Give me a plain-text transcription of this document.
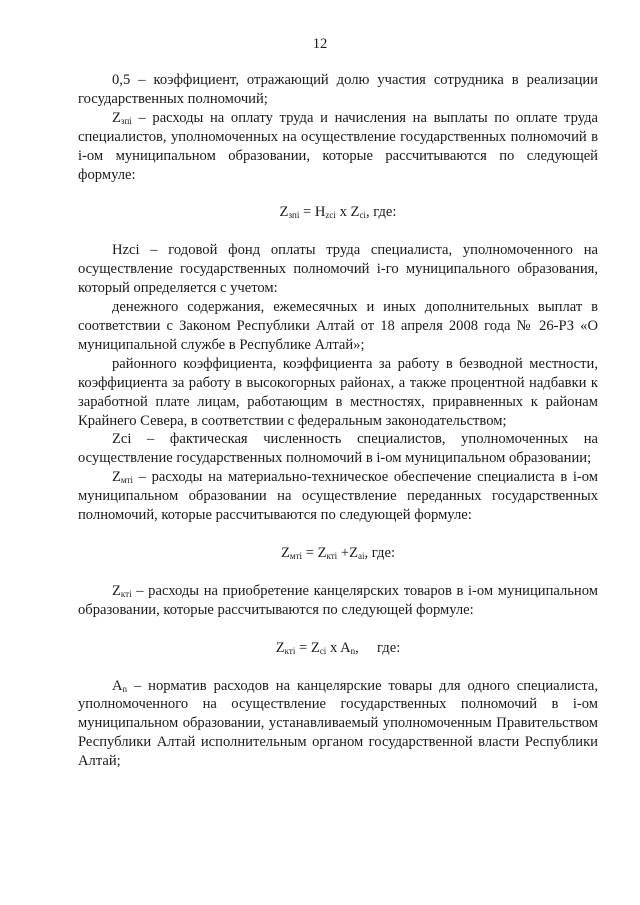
12

0,5 – коэффициент, отражающий долю участия сотрудника в реализации государственных полномочий;

$Z_{зпi}$ – расходы на оплату труда и начисления на выплаты по оплате труда специалистов, уполномоченных на осуществление государственных полномочий в i-ом муниципальном образовании, которые рассчитываются по следующей формуле:

$Z_{зпi} = H_{zci}$ x $Z_{ci}$, где:

Hzci – годовой фонд оплаты труда специалиста, уполномоченного на осуществление государственных полномочий i-го муниципального образования, который определяется с учетом:

денежного содержания, ежемесячных и иных дополнительных выплат в соответствии с Законом Республики Алтай от 18 апреля 2008 года № 26-РЗ «О муниципальной службе в Республике Алтай»;

районного коэффициента, коэффициента за работу в безводной местности, коэффициента за работу в высокогорных районах, а также процентной надбавки к заработной плате лицам, работающим в местностях, приравненных к районам Крайнего Севера, в соответствии с федеральным законодательством;

Zci – фактическая численность специалистов, уполномоченных на осуществление государственных полномочий в i-ом муниципальном образовании;

$Z_{мтi}$ – расходы на материально-техническое обеспечение специалиста в i-ом муниципальном образовании на осуществление переданных государственных полномочий, которые рассчитываются по следующей формуле:

$Z_{мтi} = Z_{ктi} +Z_{ai}$, где:

$Z_{ктi}$ – расходы на приобретение канцелярских товаров в i-ом муниципальном образовании, которые рассчитываются по следующей формуле:

$Z_{ктi} = Z_{ci}$ x $A_n$,     где:

$A_n$ – норматив расходов на канцелярские товары для одного специалиста, уполномоченного на осуществление государственных полномочий в i-ом муниципальном образовании, устанавливаемый уполномоченным Правительством Республики Алтай исполнительным органом государственной власти Республики Алтай;
